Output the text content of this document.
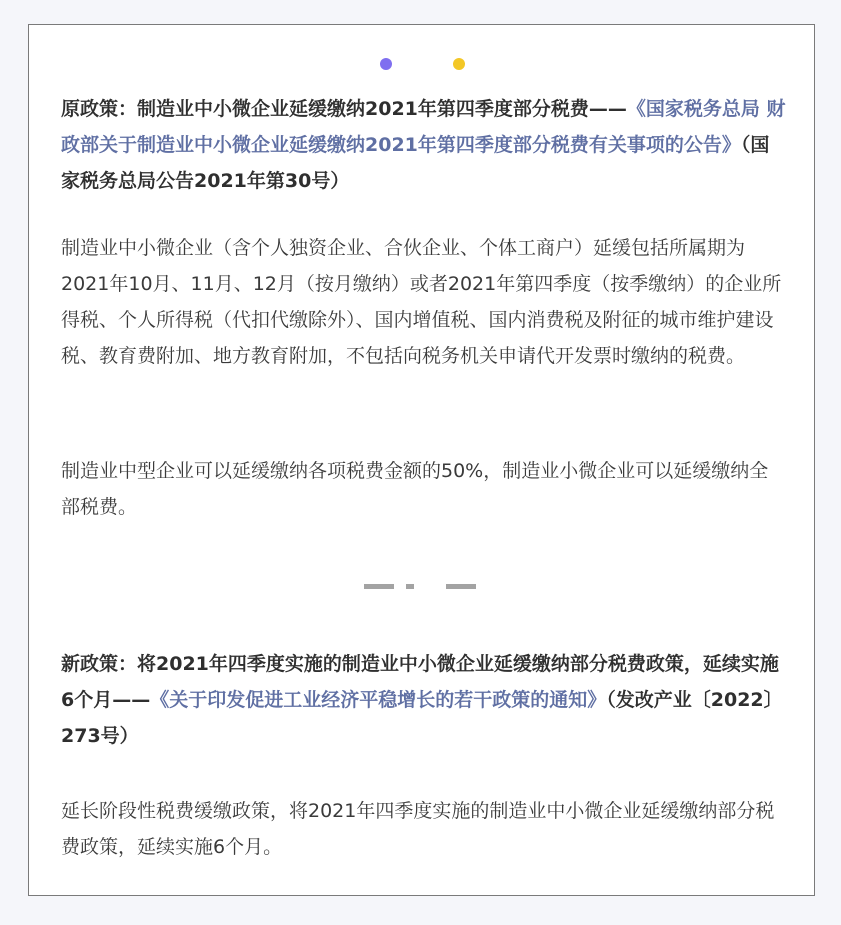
原政策：制造业中小微企业延缓缴纳2021年第四季度部分税费——《国家税务总局 财政部关于制造业中小微企业延缓缴纳2021年第四季度部分税费有关事项的公告》（国家税务总局公告2021年第30号）

制造业中小微企业（含个人独资企业、合伙企业、个体工商户）延缓包括所属期为2021年10月、11月、12月（按月缴纳）或者2021年第四季度（按季缴纳）的企业所得税、个人所得税（代扣代缴除外）、国内增值税、国内消费税及附征的城市维护建设税、教育费附加、地方教育附加，不包括向税务机关申请代开发票时缴纳的税费。

制造业中型企业可以延缓缴纳各项税费金额的50%，制造业小微企业可以延缓缴纳全部税费。

新政策：将2021年四季度实施的制造业中小微企业延缓缴纳部分税费政策，延续实施6个月——《关于印发促进工业经济平稳增长的若干政策的通知》（发改产业〔2022〕273号）

延长阶段性税费缓缴政策，将2021年四季度实施的制造业中小微企业延缓缴纳部分税费政策，延续实施6个月。
